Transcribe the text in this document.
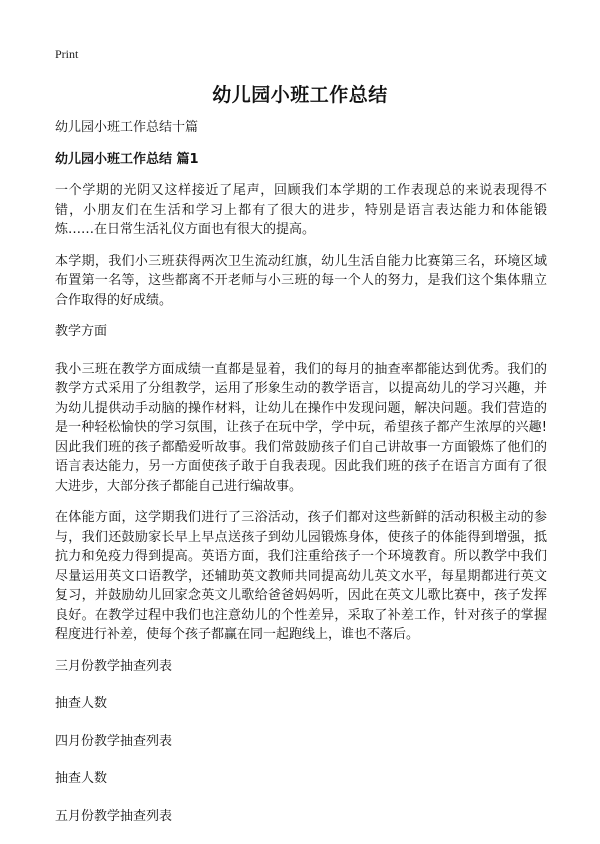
Print
幼儿园小班工作总结
幼儿园小班工作总结十篇
幼儿园小班工作总结 篇1
一个学期的光阴又这样接近了尾声，回顾我们本学期的工作表现总的来说表现得不错，小朋友们在生活和学习上都有了很大的进步，特别是语言表达能力和体能锻炼……在日常生活礼仪方面也有很大的提高。
本学期，我们小三班获得两次卫生流动红旗，幼儿生活自能力比赛第三名，环境区域布置第一名等，这些都离不开老师与小三班的每一个人的努力，是我们这个集体鼎立合作取得的好成绩。
教学方面
我小三班在教学方面成绩一直都是显着，我们的每月的抽查率都能达到优秀。我们的教学方式采用了分组教学，运用了形象生动的教学语言，以提高幼儿的学习兴趣，并为幼儿提供动手动脑的操作材料，让幼儿在操作中发现问题，解决问题。我们营造的是一种轻松愉快的学习氛围，让孩子在玩中学，学中玩，希望孩子都产生浓厚的兴趣!因此我们班的孩子都酷爱听故事。我们常鼓励孩子们自己讲故事一方面锻炼了他们的语言表达能力，另一方面使孩子敢于自我表现。因此我们班的孩子在语言方面有了很大进步，大部分孩子都能自己进行编故事。
在体能方面，这学期我们进行了三浴活动，孩子们都对这些新鲜的活动积极主动的参与，我们还鼓励家长早上早点送孩子到幼儿园锻炼身体，使孩子的体能得到增强，抵抗力和免疫力得到提高。英语方面，我们注重给孩子一个环境教育。所以教学中我们尽量运用英文口语教学，还辅助英文教师共同提高幼儿英文水平，每星期都进行英文复习，并鼓励幼儿回家念英文儿歌给爸爸妈妈听，因此在英文儿歌比赛中，孩子发挥良好。在教学过程中我们也注意幼儿的个性差异，采取了补差工作，针对孩子的掌握程度进行补差，使每个孩子都赢在同一起跑线上，谁也不落后。
三月份教学抽查列表
抽查人数
四月份教学抽查列表
抽查人数
五月份教学抽查列表
